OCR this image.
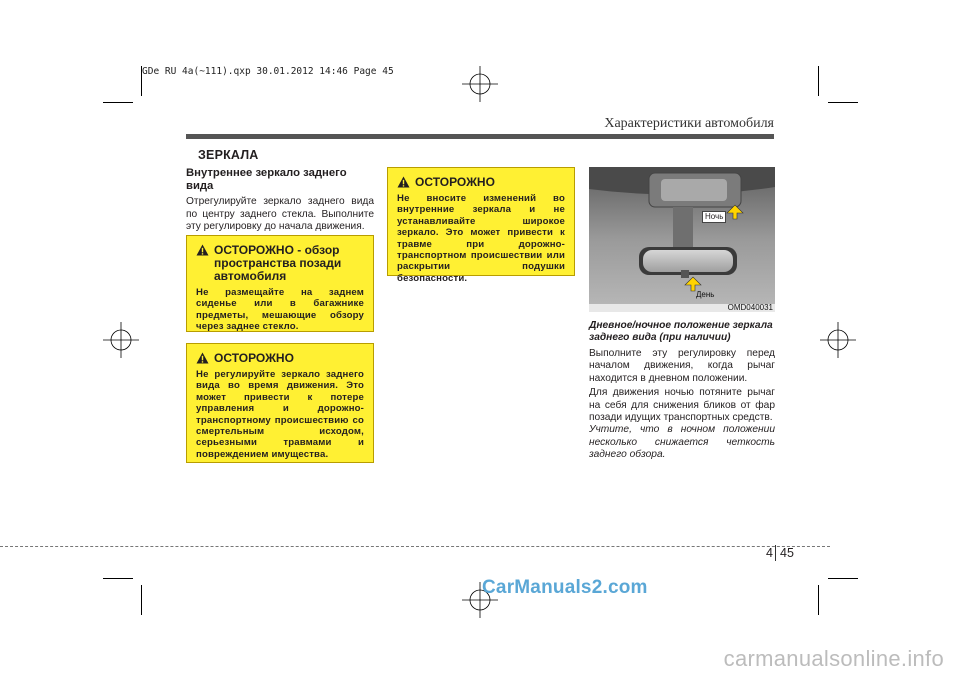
GDe RU 4a(~111).qxp 30.01.2012 14:46 Page 45
Характеристики автомобиля
ЗЕРКАЛА

Внутреннее зеркало заднего вида

Отрегулируйте зеркало заднего вида по центру заднего стекла. Выполните эту регулировку до начала движения.

ОСТОРОЖНО - обзор пространства позади автомобиля
Не размещайте на заднем сиденье или в багажнике предметы, мешающие обзору через заднее стекло.
ОСТОРОЖНО
Не регулируйте зеркало заднего вида во время движения. Это может привести к потере управления и дорожно-транспортному происшествию со смертельным исходом, серьезными травмами и повреждением имущества.
ОСТОРОЖНО
Не вносите изменений во внутренние зеркала и не устанавливайте широкое зеркало. Это может привести к травме при дорожно-транспортном происшествии или раскрытии подушки безопасности.
Ночь
День
OMD040031

Дневное/ночное положение зеркала заднего вида (при наличии)

Выполните эту регулировку перед началом движения, когда рычаг находится в дневном положении.

Для движения ночью потяните рычаг на себя для снижения бликов от фар позади идущих транспортных средств.

Учтите, что в ночном положении несколько снижается четкость заднего обзора.

4 45
CarManuals2.com
carmanualsonline.info
